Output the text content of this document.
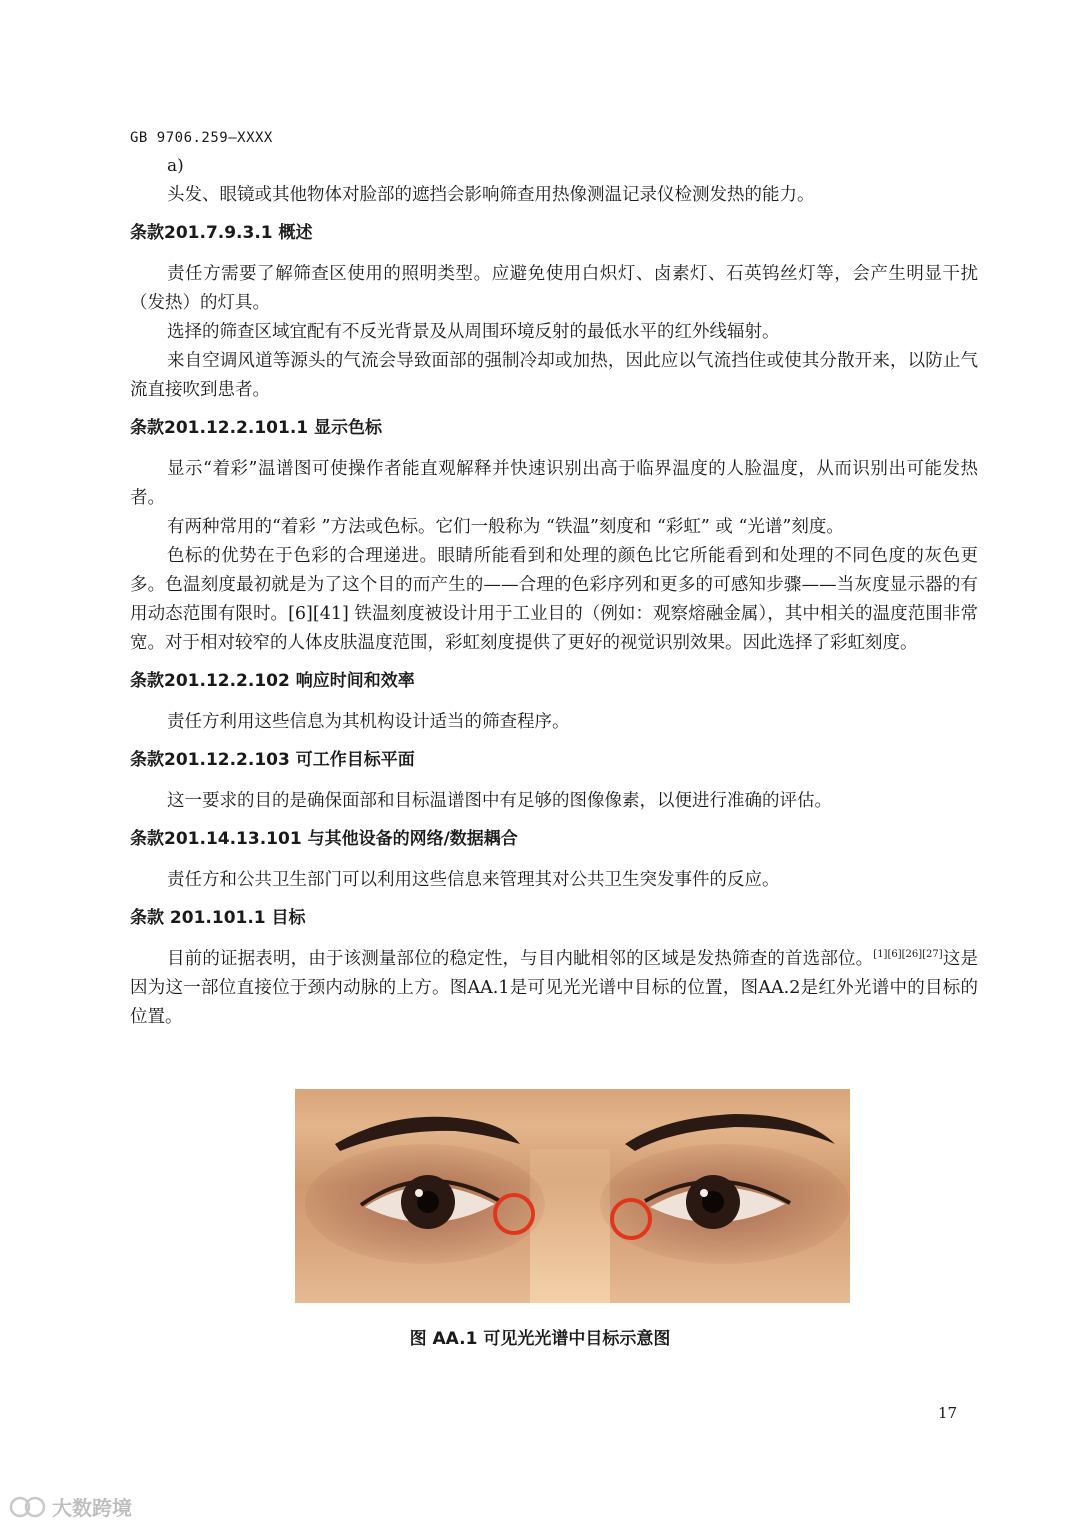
GB 9706.259—XXXX

a)

头发、眼镜或其他物体对脸部的遮挡会影响筛查用热像测温记录仪检测发热的能力。

条款201.7.9.3.1 概述

责任方需要了解筛查区使用的照明类型。应避免使用白炽灯、卤素灯、石英钨丝灯等，会产生明显干扰（发热）的灯具。

选择的筛查区域宜配有不反光背景及从周围环境反射的最低水平的红外线辐射。

来自空调风道等源头的气流会导致面部的强制冷却或加热，因此应以气流挡住或使其分散开来，以防止气流直接吹到患者。

条款201.12.2.101.1 显示色标

显示“着彩”温谱图可使操作者能直观解释并快速识别出高于临界温度的人脸温度，从而识别出可能发热者。

有两种常用的“着彩 ”方法或色标。它们一般称为 “铁温”刻度和 “彩虹” 或 “光谱”刻度。

色标的优势在于色彩的合理递进。眼睛所能看到和处理的颜色比它所能看到和处理的不同色度的灰色更多。色温刻度最初就是为了这个目的而产生的——合理的色彩序列和更多的可感知步骤——当灰度显示器的有用动态范围有限时。[6][41] 铁温刻度被设计用于工业目的（例如：观察熔融金属），其中相关的温度范围非常宽。对于相对较窄的人体皮肤温度范围，彩虹刻度提供了更好的视觉识别效果。因此选择了彩虹刻度。

条款201.12.2.102 响应时间和效率

责任方利用这些信息为其机构设计适当的筛查程序。

条款201.12.2.103 可工作目标平面

这一要求的目的是确保面部和目标温谱图中有足够的图像像素，以便进行准确的评估。

条款201.14.13.101 与其他设备的网络/数据耦合

责任方和公共卫生部门可以利用这些信息来管理其对公共卫生突发事件的反应。

条款 201.101.1 目标

目前的证据表明，由于该测量部位的稳定性，与目内眦相邻的区域是发热筛查的首选部位。[1][6][26][27]这是因为这一部位直接位于颈内动脉的上方。图AA.1是可见光光谱中目标的位置，图AA.2是红外光谱中的目标的位置。

图 AA.1 可见光光谱中目标示意图
17
大数跨境
